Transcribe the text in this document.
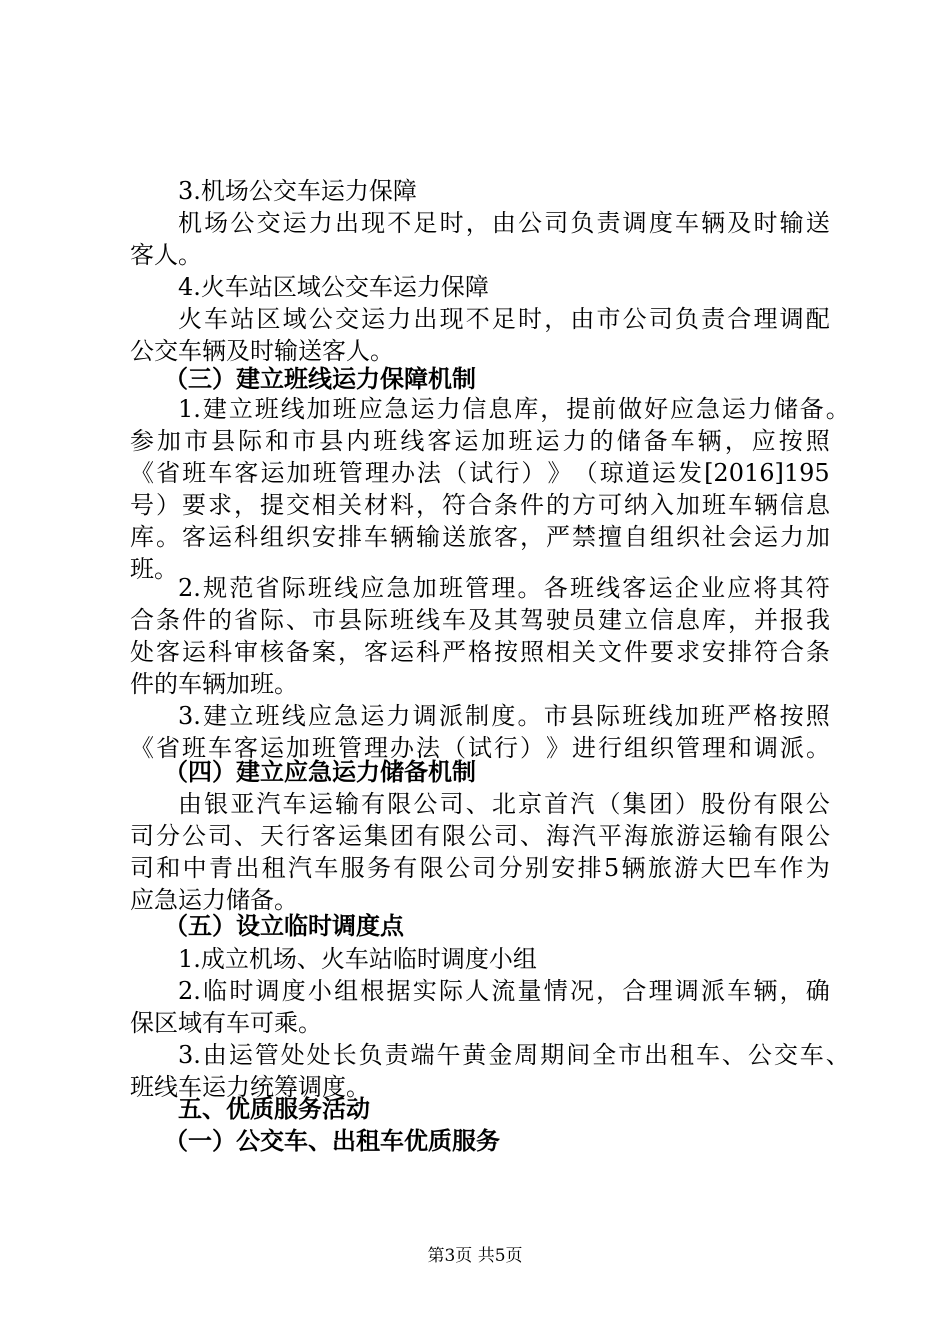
3.机场公交车运力保障
机 场 公 交 运 力 出 现 不 足 时 ， 由 公 司 负 责 调 度 车 辆 及 时 输 送
客人。
4.火车站区域公交车运力保障
火 车 站 区 域 公 交 运 力 出 现 不 足 时 ， 由 市 公 司 负 责 合 理 调 配
公交车辆及时输送客人。
（三）建立班线运力保障机制
1. 建 立 班 线 加 班 应 急 运 力 信 息 库 ， 提 前 做 好 应 急 运 力 储 备 。
参 加 市 县 际 和 市 县 内 班 线 客 运 加 班 运 力 的 储 备 车 辆 ， 应 按 照
《 省 班 车 客 运 加 班 管 理 办 法 （ 试 行 ） 》 （ 琼 道 运 发 [2016]195
号 ） 要 求 ， 提 交 相 关 材 料 ， 符 合 条 件 的 方 可 纳 入 加 班 车 辆 信 息
库 。 客 运 科 组 织 安 排 车 辆 输 送 旅 客 ， 严 禁 擅 自 组 织 社 会 运 力 加
班。
2. 规 范 省 际 班 线 应 急 加 班 管 理 。 各 班 线 客 运 企 业 应 将 其 符
合 条 件 的 省 际 、 市 县 际 班 线 车 及 其 驾 驶 员 建 立 信 息 库 ， 并 报 我
处 客 运 科 审 核 备 案 ， 客 运 科 严 格 按 照 相 关 文 件 要 求 安 排 符 合 条
件的车辆加班。
3. 建 立 班 线 应 急 运 力 调 派 制 度 。 市 县 际 班 线 加 班 严 格 按 照
《 省 班 车 客 运 加 班 管 理 办 法 （ 试 行 ） 》 进 行 组 织 管 理 和 调 派 。
（四）建立应急运力储备机制
由 银 亚 汽 车 运 输 有 限 公 司 、 北 京 首 汽 （ 集 团 ） 股 份 有 限 公
司 分 公 司 、 天 行 客 运 集 团 有 限 公 司 、 海 汽 平 海 旅 游 运 输 有 限 公
司 和 中 青 出 租 汽 车 服 务 有 限 公 司 分 别 安 排 5 辆 旅 游 大 巴 车 作 为
应急运力储备。
（五）设立临时调度点
1.成立机场、火车站临时调度小组
2. 临 时 调 度 小 组 根 据 实 际 人 流 量 情 况 ， 合 理 调 派 车 辆 ， 确
保区域有车可乘。
3. 由 运 管 处 处 长 负 责 端 午 黄 金 周 期 间 全 市 出 租 车 、 公 交 车 、
班线车运力统筹调度。
五、优质服务活动
（一）公交车、出租车优质服务
第3页 共5页
